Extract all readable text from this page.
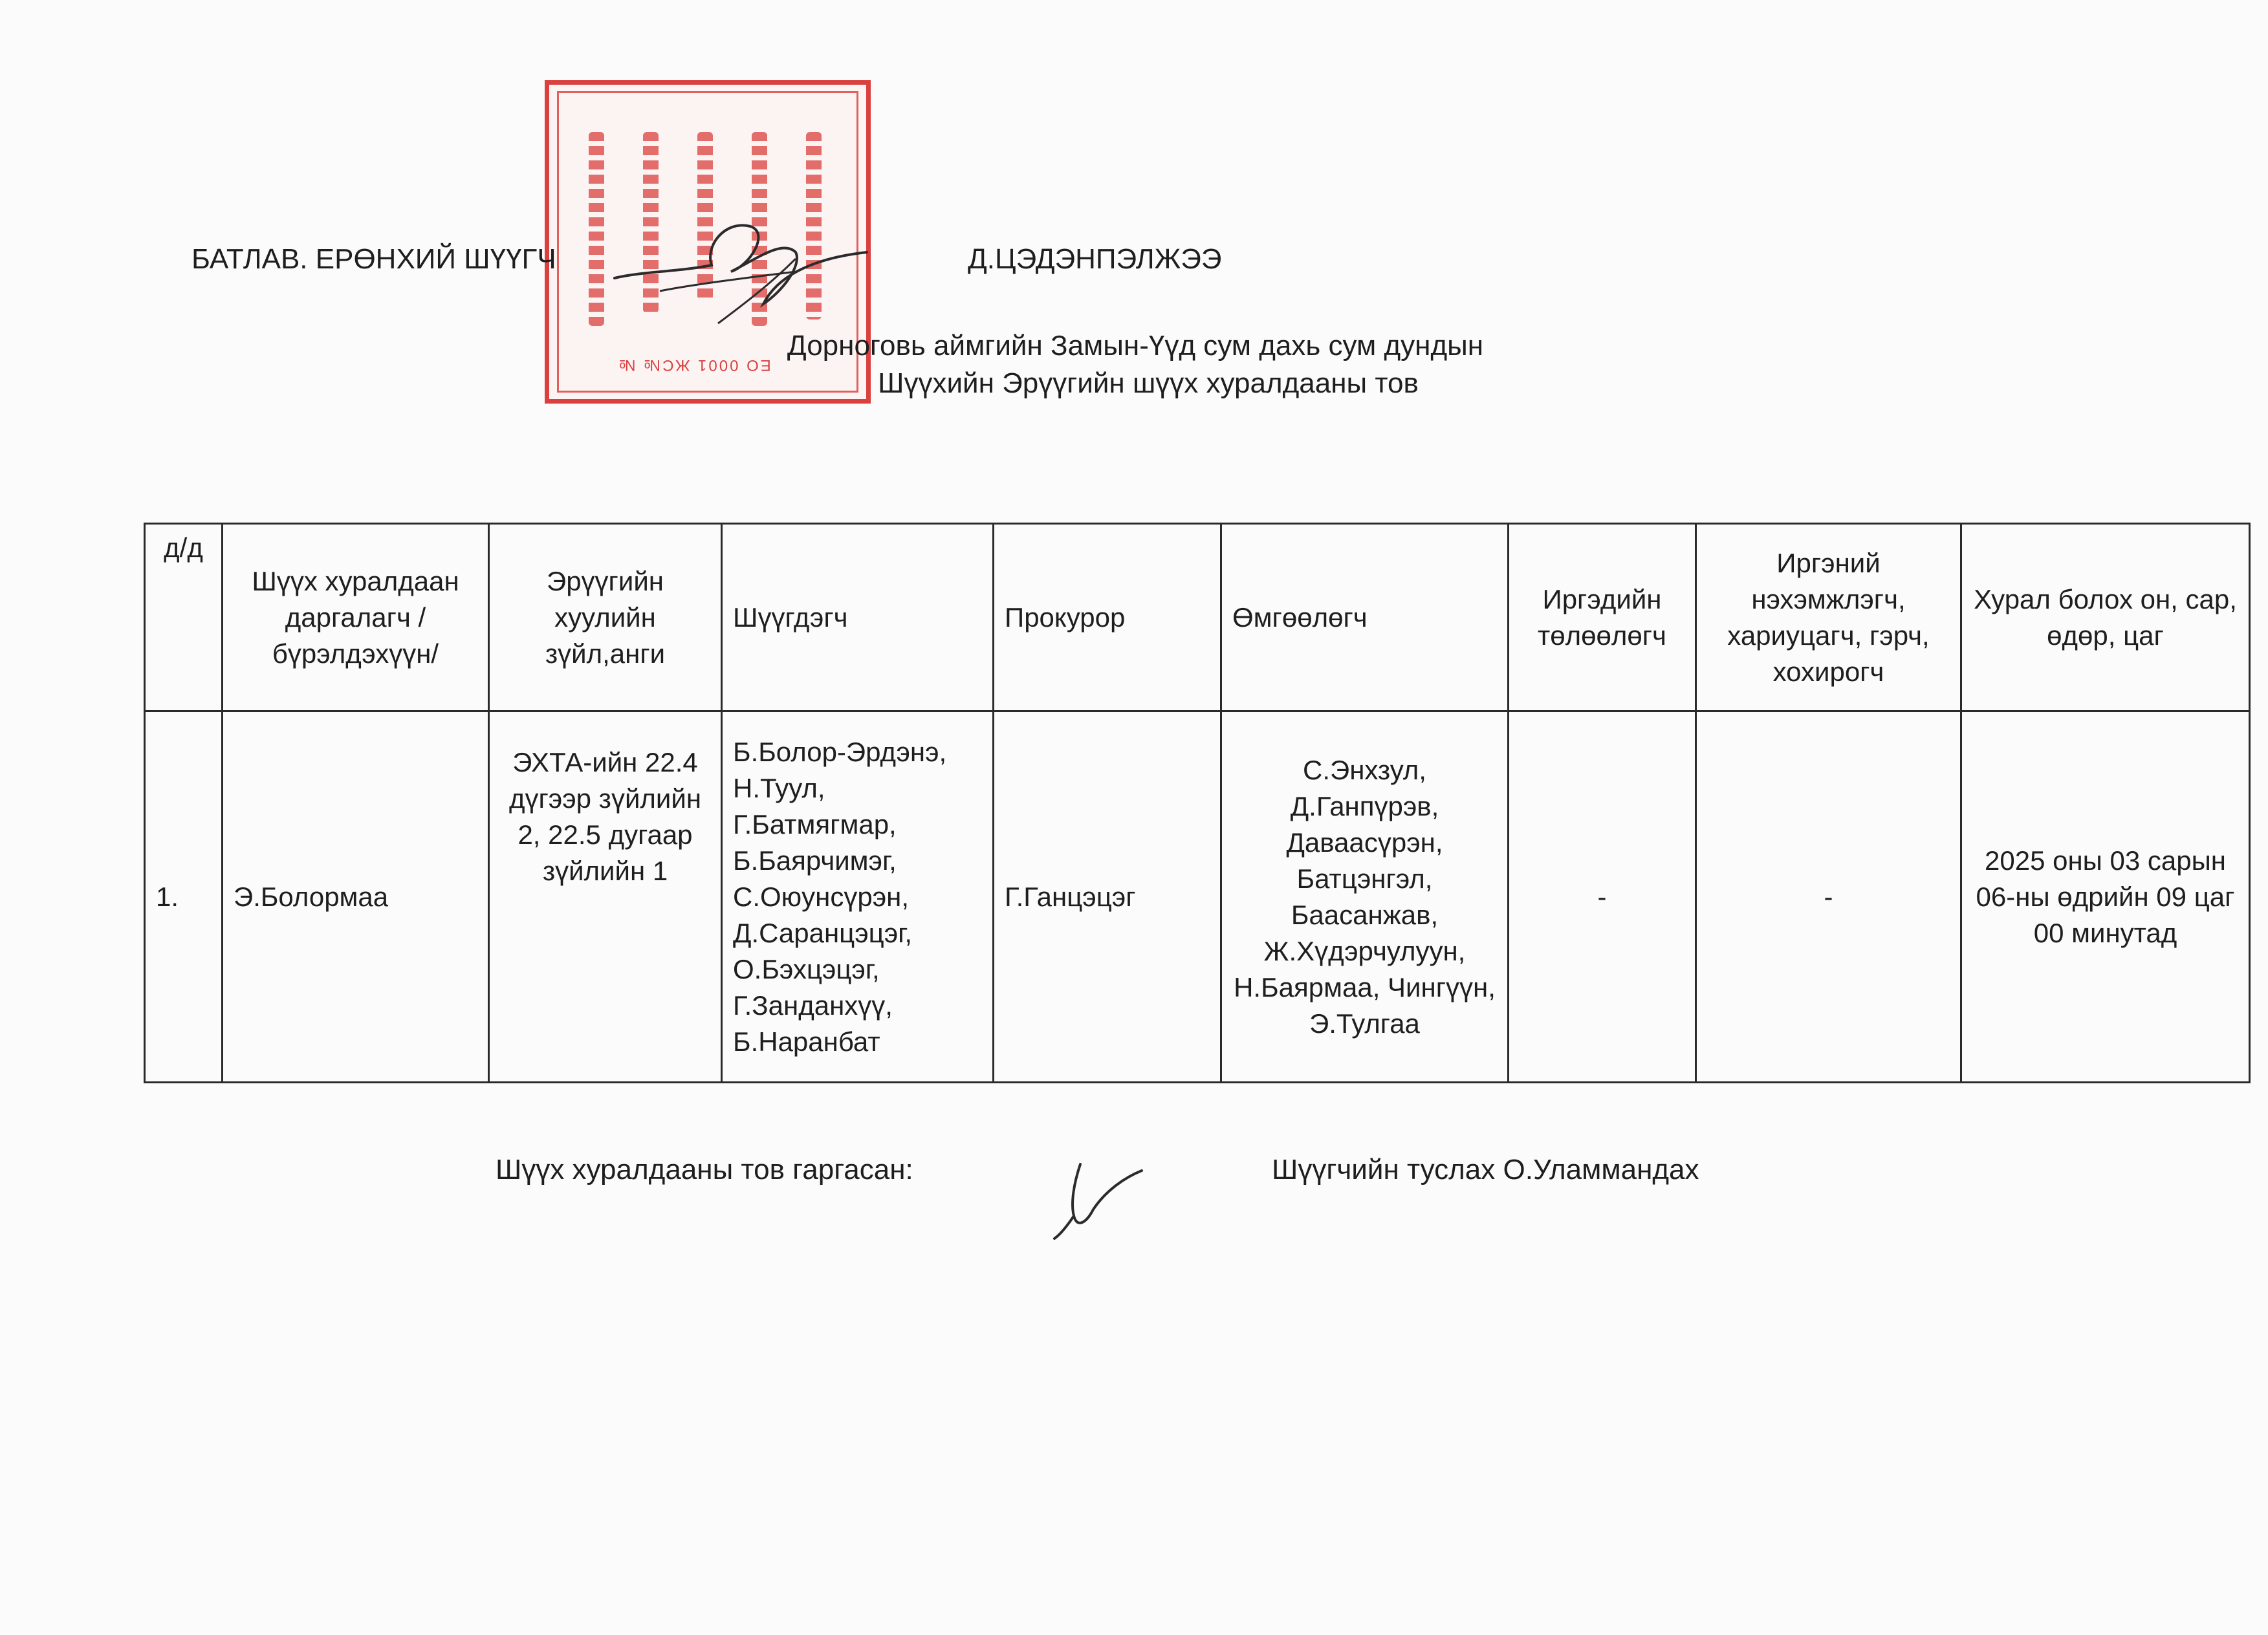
ЕО 0001 ЖС№ №
БАТЛАВ. ЕРӨНХИЙ ШҮҮГЧ	Д.ЦЭДЭНПЭЛЖЭЭ
Дорноговь аймгийн Замын-Үүд сум дахь сум дундын
Шүүхийн Эрүүгийн шүүх хуралдааны тов
д/д	Шүүх хуралдаан даргалагч /бүрэлдэхүүн/	Эрүүгийн хуулийн зүйл,анги	Шүүгдэгч	Прокурор	Өмгөөлөгч	Иргэдийн төлөөлөгч	Иргэний нэхэмжлэгч, хариуцагч, гэрч, хохирогч	Хурал болох он, сар, өдөр, цаг
1.	Э.Болормаа	ЭХТА-ийн 22.4 дүгээр зүйлийн 2, 22.5 дугаар зүйлийн 1	Б.Болор-Эрдэнэ, Н.Туул, Г.Батмягмар, Б.Баярчимэг, С.Оюунсүрэн, Д.Саранцэцэг, О.Бэхцэцэг, Г.Занданхүү, Б.Наранбат	Г.Ганцэцэг	С.Энхзул, Д.Ганпүрэв, Даваасүрэн, Батцэнгэл, Баасанжав, Ж.Хүдэрчулуун, Н.Баярмаа, Чингүүн, Э.Тулгаа	-	-	2025 оны 03 сарын 06-ны өдрийн 09 цаг 00 минутад
Шүүх хуралдааны тов гаргасан:	Шүүгчийн туслах О.Уламмандах
